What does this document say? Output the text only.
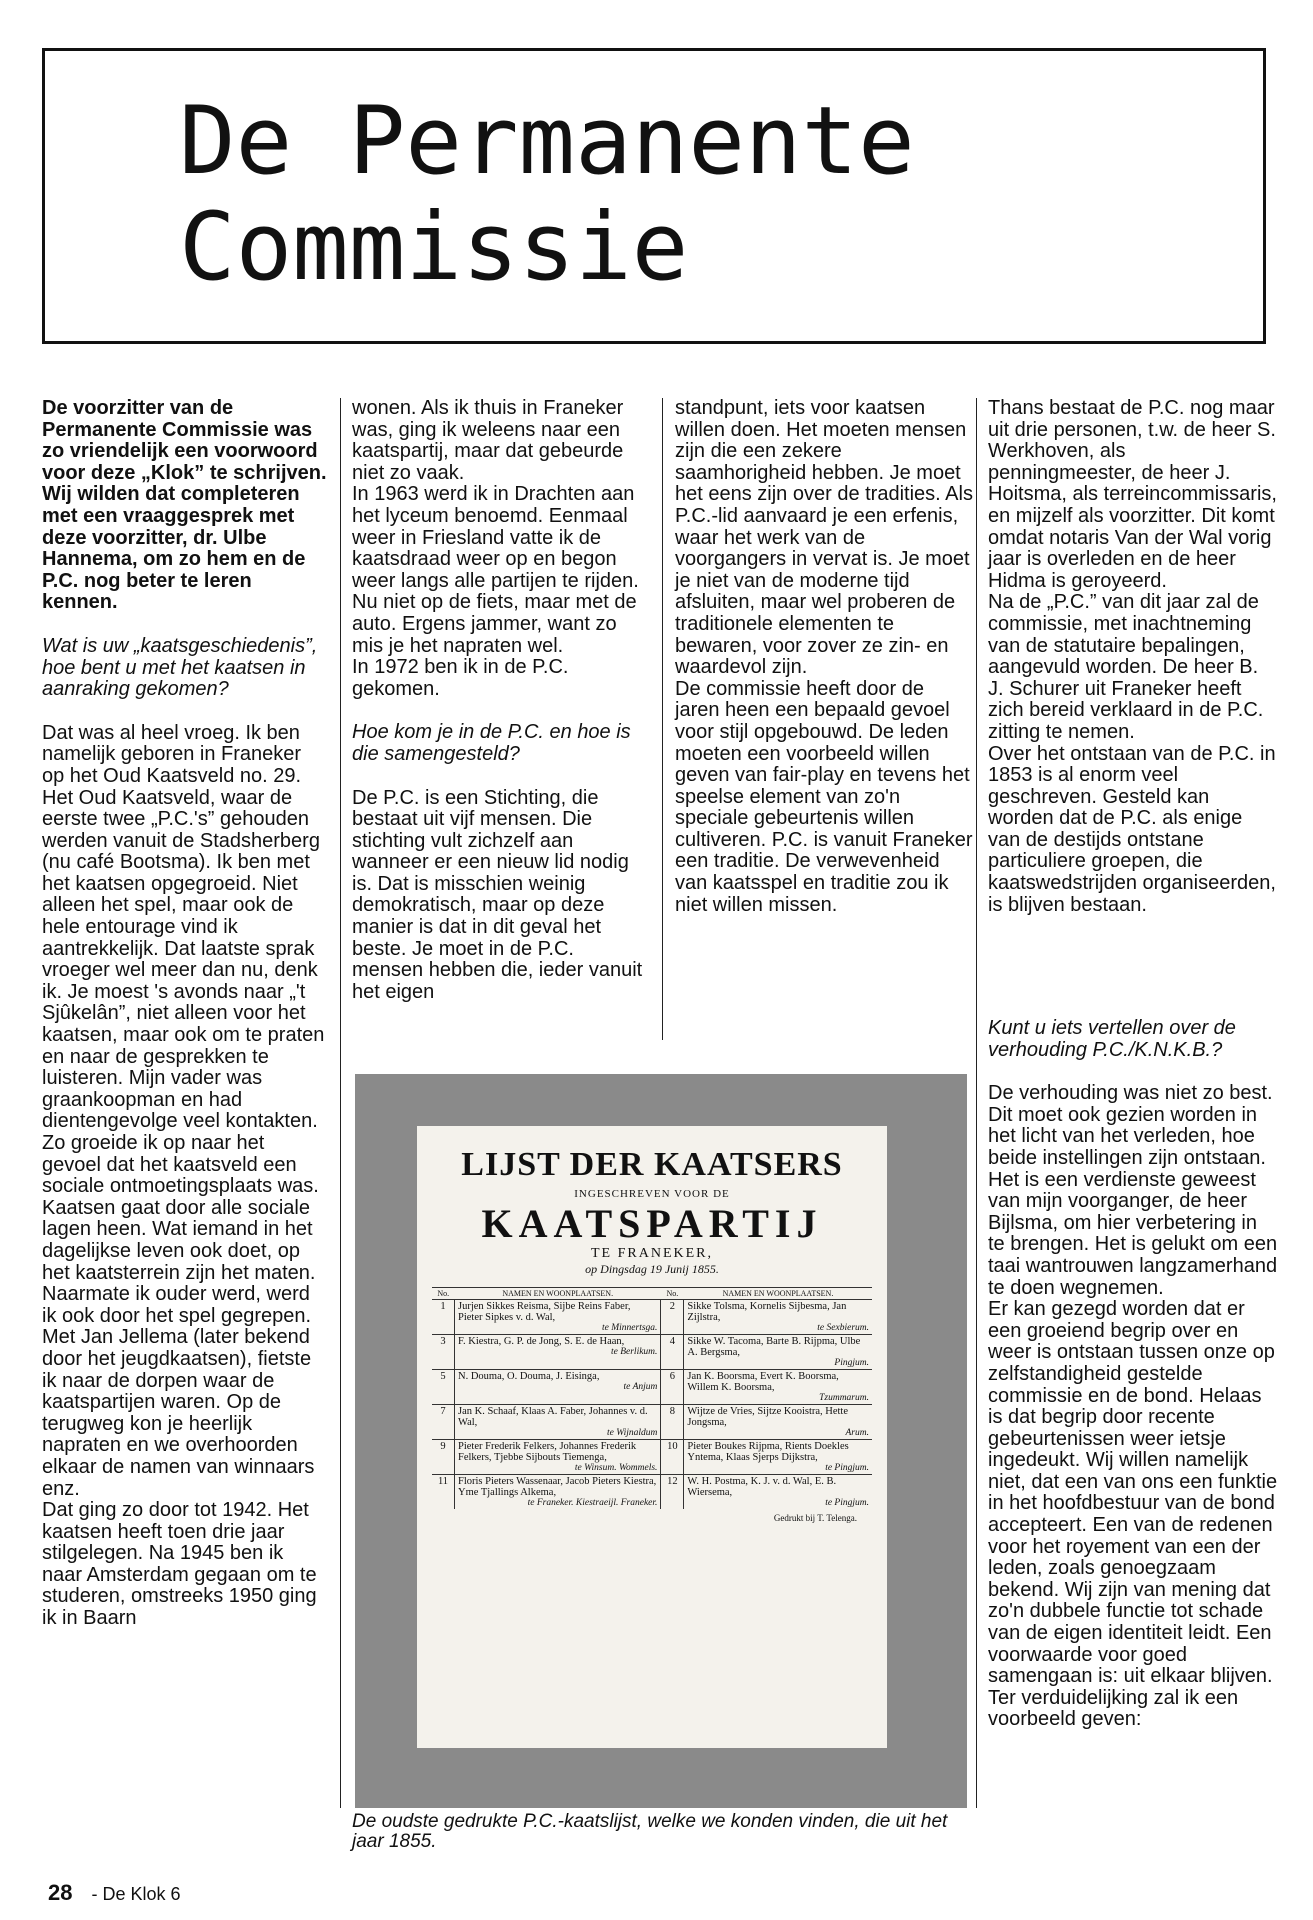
De Permanente
Commissie

De voorzitter van de Permanente Commissie was zo vriendelijk een voorwoord voor deze „Klok” te schrijven. Wij wilden dat completeren met een vraaggesprek met deze voorzitter, dr. Ulbe Hannema, om zo hem en de P.C. nog beter te leren kennen.

Wat is uw „kaatsgeschiedenis”, hoe bent u met het kaatsen in aanraking gekomen?

Dat was al heel vroeg. Ik ben namelijk geboren in Franeker op het Oud Kaatsveld no. 29. Het Oud Kaatsveld, waar de eerste twee „P.C.'s” gehouden werden vanuit de Stadsherberg (nu café Bootsma). Ik ben met het kaatsen opgegroeid. Niet alleen het spel, maar ook de hele entourage vind ik aantrekkelijk. Dat laatste sprak vroeger wel meer dan nu, denk ik. Je moest 's avonds naar „'t Sjûkelân”, niet alleen voor het kaatsen, maar ook om te praten en naar de gesprekken te luisteren. Mijn vader was graankoopman en had dientengevolge veel kontakten. Zo groeide ik op naar het gevoel dat het kaatsveld een sociale ontmoetingsplaats was. Kaatsen gaat door alle sociale lagen heen. Wat iemand in het dagelijkse leven ook doet, op het kaatsterrein zijn het maten. Naarmate ik ouder werd, werd ik ook door het spel gegrepen. Met Jan Jellema (later bekend door het jeugdkaatsen), fietste ik naar de dorpen waar de kaatspartijen waren. Op de terugweg kon je heerlijk napraten en we overhoorden elkaar de namen van winnaars enz.

Dat ging zo door tot 1942. Het kaatsen heeft toen drie jaar stilgelegen. Na 1945 ben ik naar Amsterdam gegaan om te studeren, omstreeks 1950 ging ik in Baarn

wonen. Als ik thuis in Franeker was, ging ik weleens naar een kaatspartij, maar dat gebeurde niet zo vaak.

In 1963 werd ik in Drachten aan het lyceum benoemd. Eenmaal weer in Friesland vatte ik de kaatsdraad weer op en begon weer langs alle partijen te rijden. Nu niet op de fiets, maar met de auto. Ergens jammer, want zo mis je het napraten wel.

In 1972 ben ik in de P.C. gekomen.

Hoe kom je in de P.C. en hoe is die samengesteld?

De P.C. is een Stichting, die bestaat uit vijf mensen. Die stichting vult zichzelf aan wanneer er een nieuw lid nodig is. Dat is misschien weinig demokratisch, maar op deze manier is dat in dit geval het beste. Je moet in de P.C. mensen hebben die, ieder vanuit het eigen

standpunt, iets voor kaatsen willen doen. Het moeten mensen zijn die een zekere saamhorigheid hebben. Je moet het eens zijn over de tradities. Als P.C.-lid aanvaard je een erfenis, waar het werk van de voorgangers in vervat is. Je moet je niet van de moderne tijd afsluiten, maar wel proberen de traditionele elementen te bewaren, voor zover ze zin- en waardevol zijn.

De commissie heeft door de jaren heen een bepaald gevoel voor stijl opgebouwd. De leden moeten een voorbeeld willen geven van fair-play en tevens het speelse element van zo'n speciale gebeurtenis willen cultiveren. P.C. is vanuit Franeker een traditie. De verwevenheid van kaatsspel en traditie zou ik niet willen missen.

Thans bestaat de P.C. nog maar uit drie personen, t.w. de heer S. Werkhoven, als penningmeester, de heer J. Hoitsma, als terreincommissaris, en mijzelf als voorzitter. Dit komt omdat notaris Van der Wal vorig jaar is overleden en de heer Hidma is geroyeerd.

Na de „P.C.” van dit jaar zal de commissie, met inachtneming van de statutaire bepalingen, aangevuld worden. De heer B. J. Schurer uit Franeker heeft zich bereid verklaard in de P.C. zitting te nemen.

Over het ontstaan van de P.C. in 1853 is al enorm veel geschreven. Gesteld kan worden dat de P.C. als enige van de destijds ontstane particuliere groepen, die kaatswedstrijden organiseerden, is blijven bestaan.

Kunt u iets vertellen over de verhouding P.C./K.N.K.B.?

De verhouding was niet zo best. Dit moet ook gezien worden in het licht van het verleden, hoe beide instellingen zijn ontstaan. Het is een verdienste geweest van mijn voorganger, de heer Bijlsma, om hier verbetering in te brengen. Het is gelukt om een taai wantrouwen langzamerhand te doen wegnemen.

Er kan gezegd worden dat er een groeiend begrip over en weer is ontstaan tussen onze op zelfstandigheid gestelde commissie en de bond. Helaas is dat begrip door recente gebeurtenissen weer ietsje ingedeukt. Wij willen namelijk niet, dat een van ons een funktie in het hoofdbestuur van de bond accepteert. Een van de redenen voor het royement van een der leden, zoals genoegzaam bekend. Wij zijn van mening dat zo'n dubbele functie tot schade van de eigen identiteit leidt. Een voorwaarde voor goed samengaan is: uit elkaar blijven. Ter verduidelijking zal ik een voorbeeld geven:

LIJST DER KAATSERS
INGESCHREVEN VOOR DE
KAATSPARTIJ
TE FRANEKER,
op Dingsdag 19 Junij 1855.
No.	NAMEN EN WOONPLAATSEN.	No.	NAMEN EN WOONPLAATSEN.
1	Jurjen Sikkes Reisma, Sijbe Reins Faber, Pieter Sipkes v. d. Wal,
te Minnertsga.	2	Sikke Tolsma, Kornelis Sijbesma, Jan Zijlstra,
te Sexbierum.

3	F. Kiestra, G. P. de Jong, S. E. de Haan,
te Berlikum.	4	Sikke W. Tacoma, Barte B. Rijpma, Ulbe A. Bergsma,
Pingjum.

5	N. Douma, O. Douma, J. Eisinga,
te Anjum	6	Jan K. Boorsma, Evert K. Boorsma, Willem K. Boorsma,
Tzummarum.

7	Jan K. Schaaf, Klaas A. Faber, Johannes v. d. Wal,
te Wijnaldum	8	Wijtze de Vries, Sijtze Kooistra, Hette Jongsma,
Arum.

9	Pieter Frederik Felkers, Johannes Frederik Felkers, Tjebbe Sijbouts Tiemenga,
te Winsum. Wommels.	10	Pieter Boukes Rijpma, Rients Doekles Yntema, Klaas Sjerps Dijkstra,
te Pingjum.

11	Floris Pieters Wassenaar, Jacob Pieters Kiestra, Yme Tjallings Alkema,
te Franeker. Kiestraeijl. Franeker.	12	W. H. Postma, K. J. v. d. Wal, E. B. Wiersema,
te Pingjum.
Gedrukt bij T. Telenga.
De oudste gedrukte P.C.-kaatslijst, welke we konden vinden, die uit het jaar 1855.
28 - De Klok 6
